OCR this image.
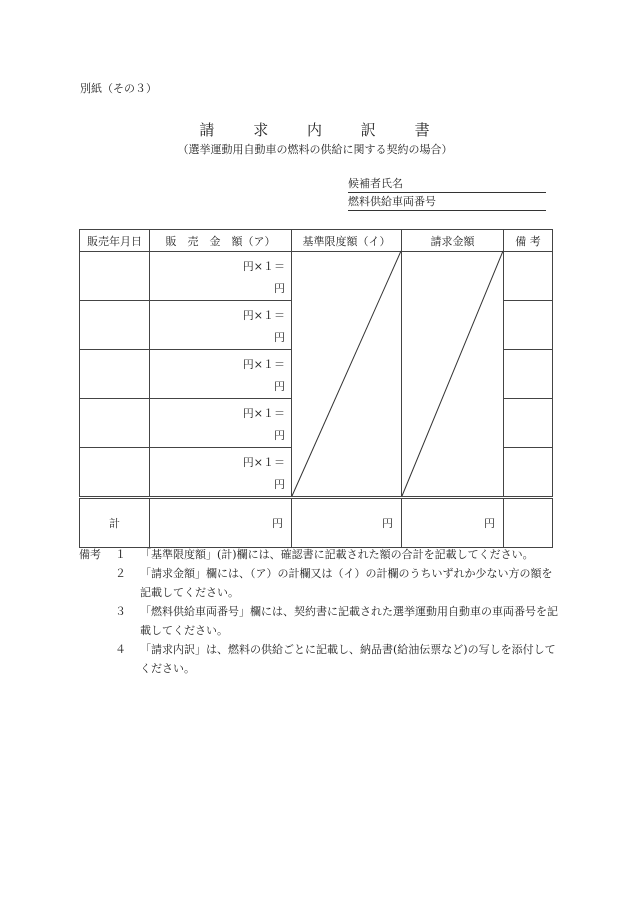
別紙（その３）
請	求	内	訳	書
（選挙運動用自動車の燃料の供給に関する契約の場合）
候補者氏名
燃料供給車両番号
販売年月日	販　売　金　額（ア）	基準限度額（イ）	請求金額	備 考

	円×１＝
円			

	円×１＝
円			

	円×１＝
円			

	円×１＝
円			

	円×１＝
円			

計	円	円	円	
備考 １ 「基準限度額」(計)欄には、確認書に記載された額の合計を記載してください。
２ 「請求金額」欄には、（ア）の計欄又は（イ）の計欄のうちいずれか少ない方の額を記載してください。
３ 「燃料供給車両番号」欄には、契約書に記載された選挙運動用自動車の車両番号を記載してください。
４ 「請求内訳」は、燃料の供給ごとに記載し、納品書(給油伝票など)の写しを添付してください。
